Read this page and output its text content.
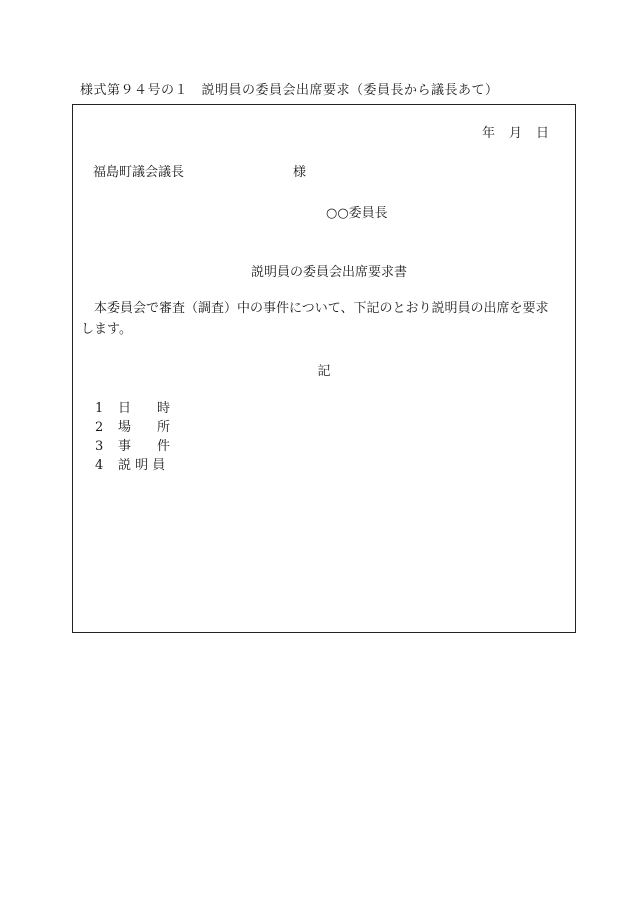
様式第９４号の１　説明員の委員会出席要求（委員長から議長あて）
年 月 日
福島町議会議長	様
○○委員長
説明員の委員会出席要求書
本委員会で審査（調査）中の事件について、下記のとおり説明員の出席を要求します。
記
1 日　　時
2 場　　所
3 事　　件
4 説 明 員
